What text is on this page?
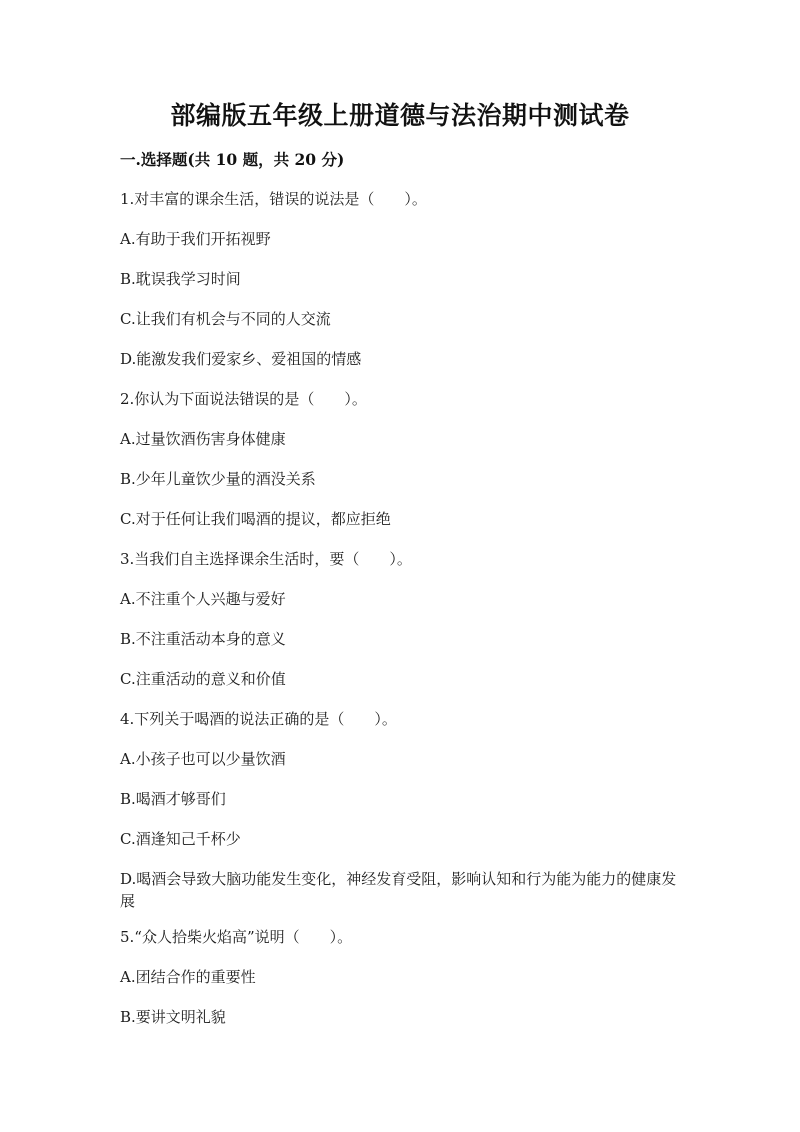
部编版五年级上册道德与法治期中测试卷
一.选择题(共 10 题，共 20 分)

1.对丰富的课余生活，错误的说法是（　　）。

A.有助于我们开拓视野

B.耽误我学习时间

C.让我们有机会与不同的人交流

D.能激发我们爱家乡、爱祖国的情感

2.你认为下面说法错误的是（　　）。

A.过量饮酒伤害身体健康

B.少年儿童饮少量的酒没关系

C.对于任何让我们喝酒的提议，都应拒绝

3.当我们自主选择课余生活时，要（　　）。

A.不注重个人兴趣与爱好

B.不注重活动本身的意义

C.注重活动的意义和价值

4.下列关于喝酒的说法正确的是（　　）。

A.小孩子也可以少量饮酒

B.喝酒才够哥们

C.酒逢知己千杯少

D.喝酒会导致大脑功能发生变化，神经发育受阻，影响认知和行为能为能力的健康发展

5.“众人拾柴火焰高”说明（　　）。

A.团结合作的重要性

B.要讲文明礼貌
